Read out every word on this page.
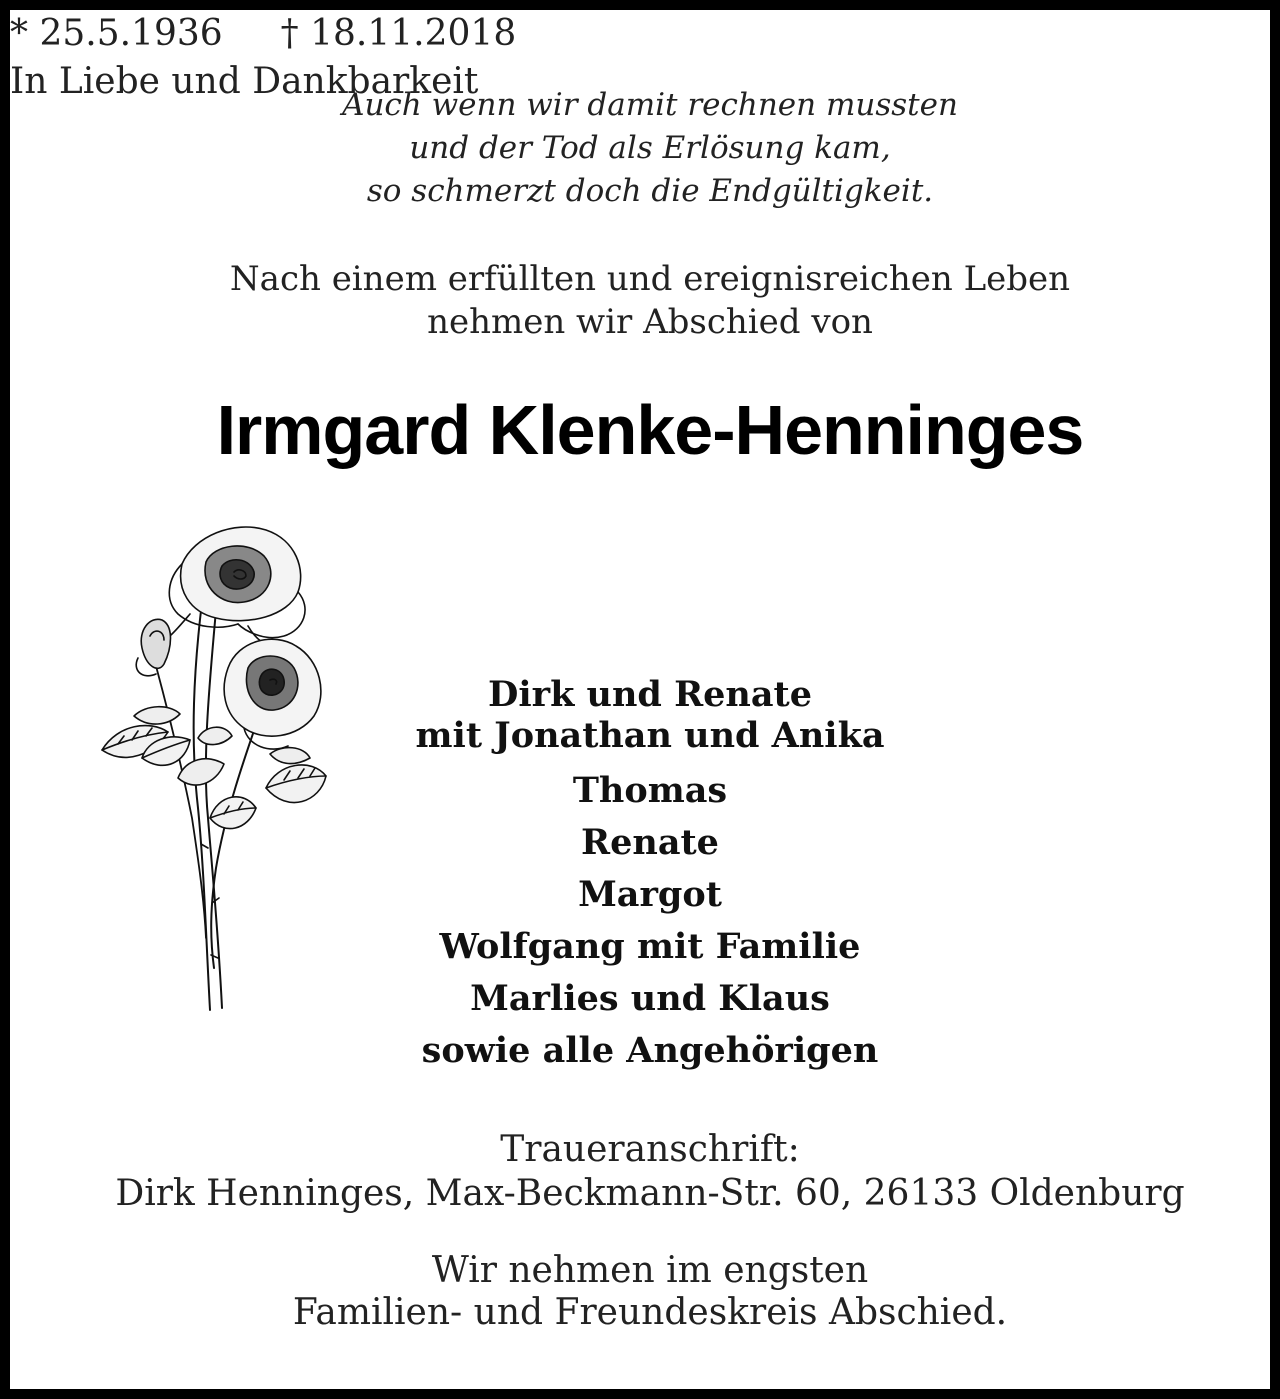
Auch wenn wir damit rechnen mussten
und der Tod als Erlösung kam,
so schmerzt doch die Endgültigkeit.
Nach einem erfüllten und ereignisreichen Leben
nehmen wir Abschied von
Irmgard Klenke-Henninges
* 25.5.1936 † 18.11.2018
In Liebe und Dankbarkeit
Dirk und Renate
mit Jonathan und Anika
Thomas
Renate
Margot
Wolfgang mit Familie
Marlies und Klaus
sowie alle Angehörigen
Traueranschrift:
Dirk Henninges, Max-Beckmann-Str. 60, 26133 Oldenburg
Wir nehmen im engsten
Familien- und Freundeskreis Abschied.
